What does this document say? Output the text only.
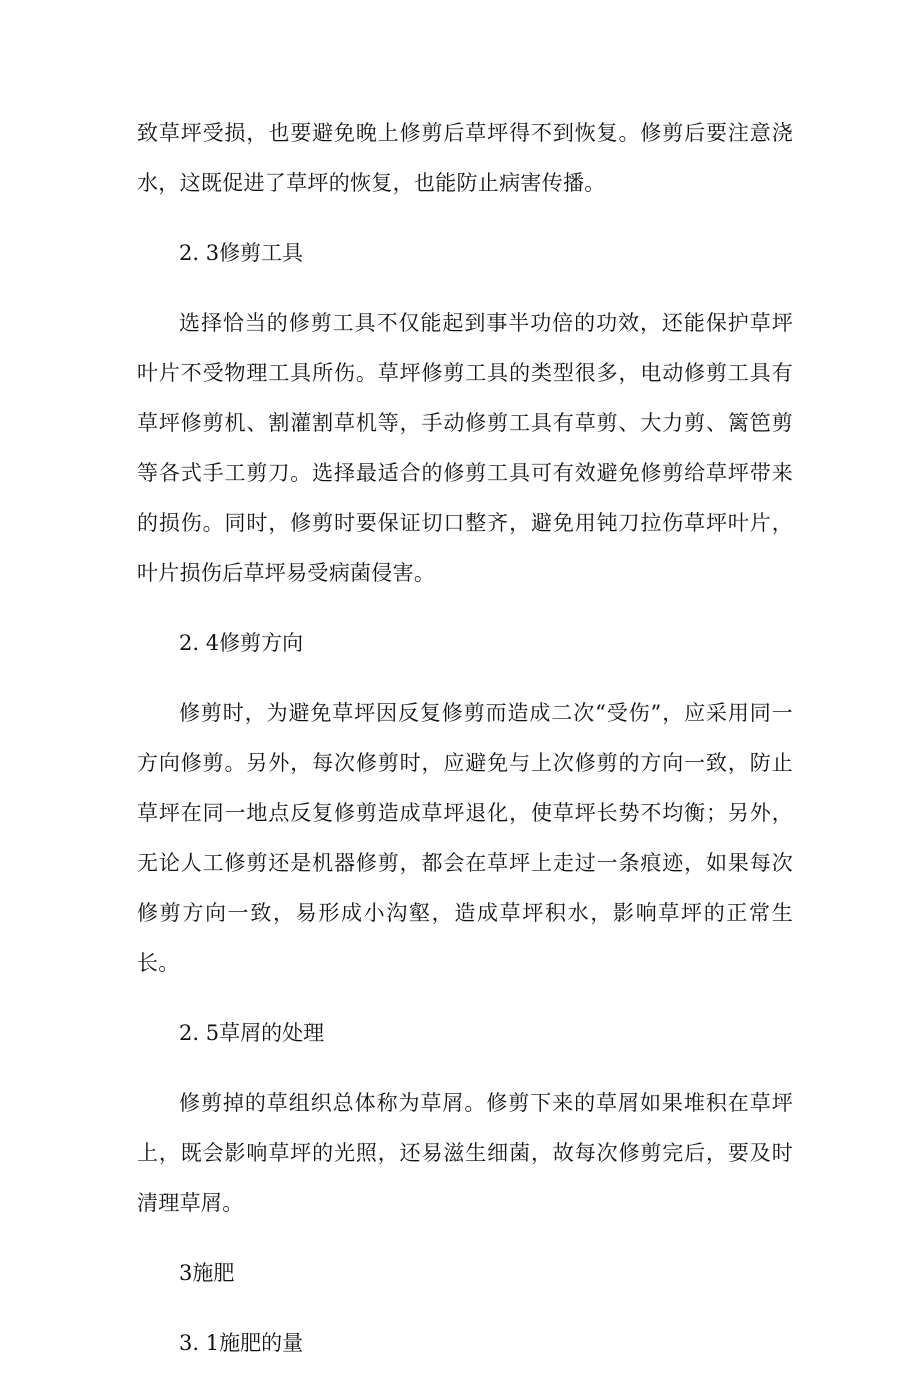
致草坪受损，也要避免晚上修剪后草坪得不到恢复。修剪后要注意浇水，这既促进了草坪的恢复，也能防止病害传播。

2. 3修剪工具

选择恰当的修剪工具不仅能起到事半功倍的功效，还能保护草坪叶片不受物理工具所伤。草坪修剪工具的类型很多，电动修剪工具有草坪修剪机、割灌割草机等，手动修剪工具有草剪、大力剪、篱笆剪等各式手工剪刀。选择最适合的修剪工具可有效避免修剪给草坪带来的损伤。同时，修剪时要保证切口整齐，避免用钝刀拉伤草坪叶片，叶片损伤后草坪易受病菌侵害。

2. 4修剪方向

修剪时，为避免草坪因反复修剪而造成二次“受伤”，应采用同一方向修剪。另外，每次修剪时，应避免与上次修剪的方向一致，防止草坪在同一地点反复修剪造成草坪退化，使草坪长势不均衡；另外，无论人工修剪还是机器修剪，都会在草坪上走过一条痕迹，如果每次修剪方向一致，易形成小沟壑，造成草坪积水，影响草坪的正常生长。

2. 5草屑的处理

修剪掉的草组织总体称为草屑。修剪下来的草屑如果堆积在草坪上，既会影响草坪的光照，还易滋生细菌，故每次修剪完后，要及时清理草屑。

3施肥

3. 1施肥的量
